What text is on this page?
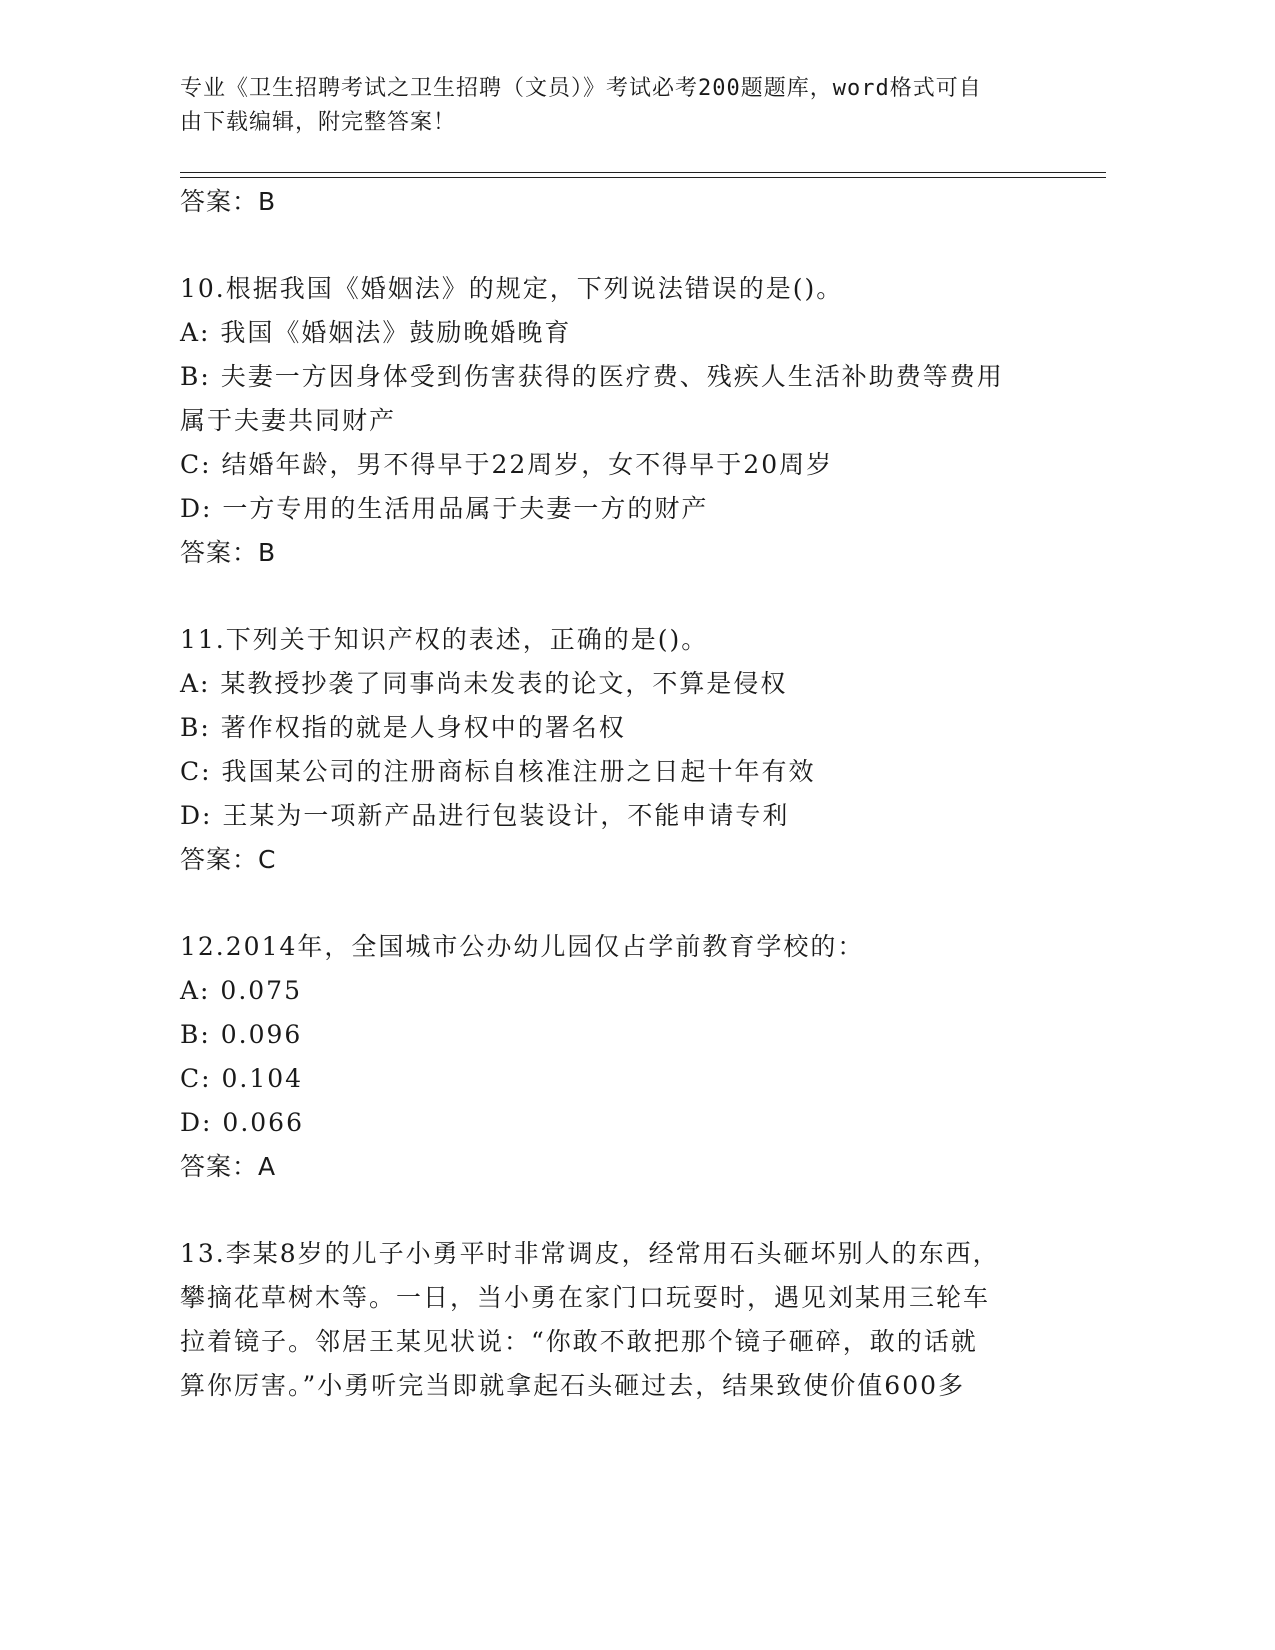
专业《卫生招聘考试之卫生招聘（文员）》考试必考200题题库，word格式可自
由下载编辑，附完整答案！
答案：B
10.根据我国《婚姻法》的规定，下列说法错误的是()。
A: 我国《婚姻法》鼓励晚婚晚育
B: 夫妻一方因身体受到伤害获得的医疗费、残疾人生活补助费等费用
属于夫妻共同财产
C: 结婚年龄，男不得早于22周岁，女不得早于20周岁
D: 一方专用的生活用品属于夫妻一方的财产
答案：B
11.下列关于知识产权的表述，正确的是()。
A: 某教授抄袭了同事尚未发表的论文，不算是侵权
B: 著作权指的就是人身权中的署名权
C: 我国某公司的注册商标自核准注册之日起十年有效
D: 王某为一项新产品进行包装设计，不能申请专利
答案：C
12.2014年，全国城市公办幼儿园仅占学前教育学校的：
A: 0.075
B: 0.096
C: 0.104
D: 0.066
答案：A
13.李某8岁的儿子小勇平时非常调皮，经常用石头砸坏别人的东西，
攀摘花草树木等。一日，当小勇在家门口玩耍时，遇见刘某用三轮车
拉着镜子。邻居王某见状说：“你敢不敢把那个镜子砸碎，敢的话就
算你厉害。”小勇听完当即就拿起石头砸过去，结果致使价值600多
